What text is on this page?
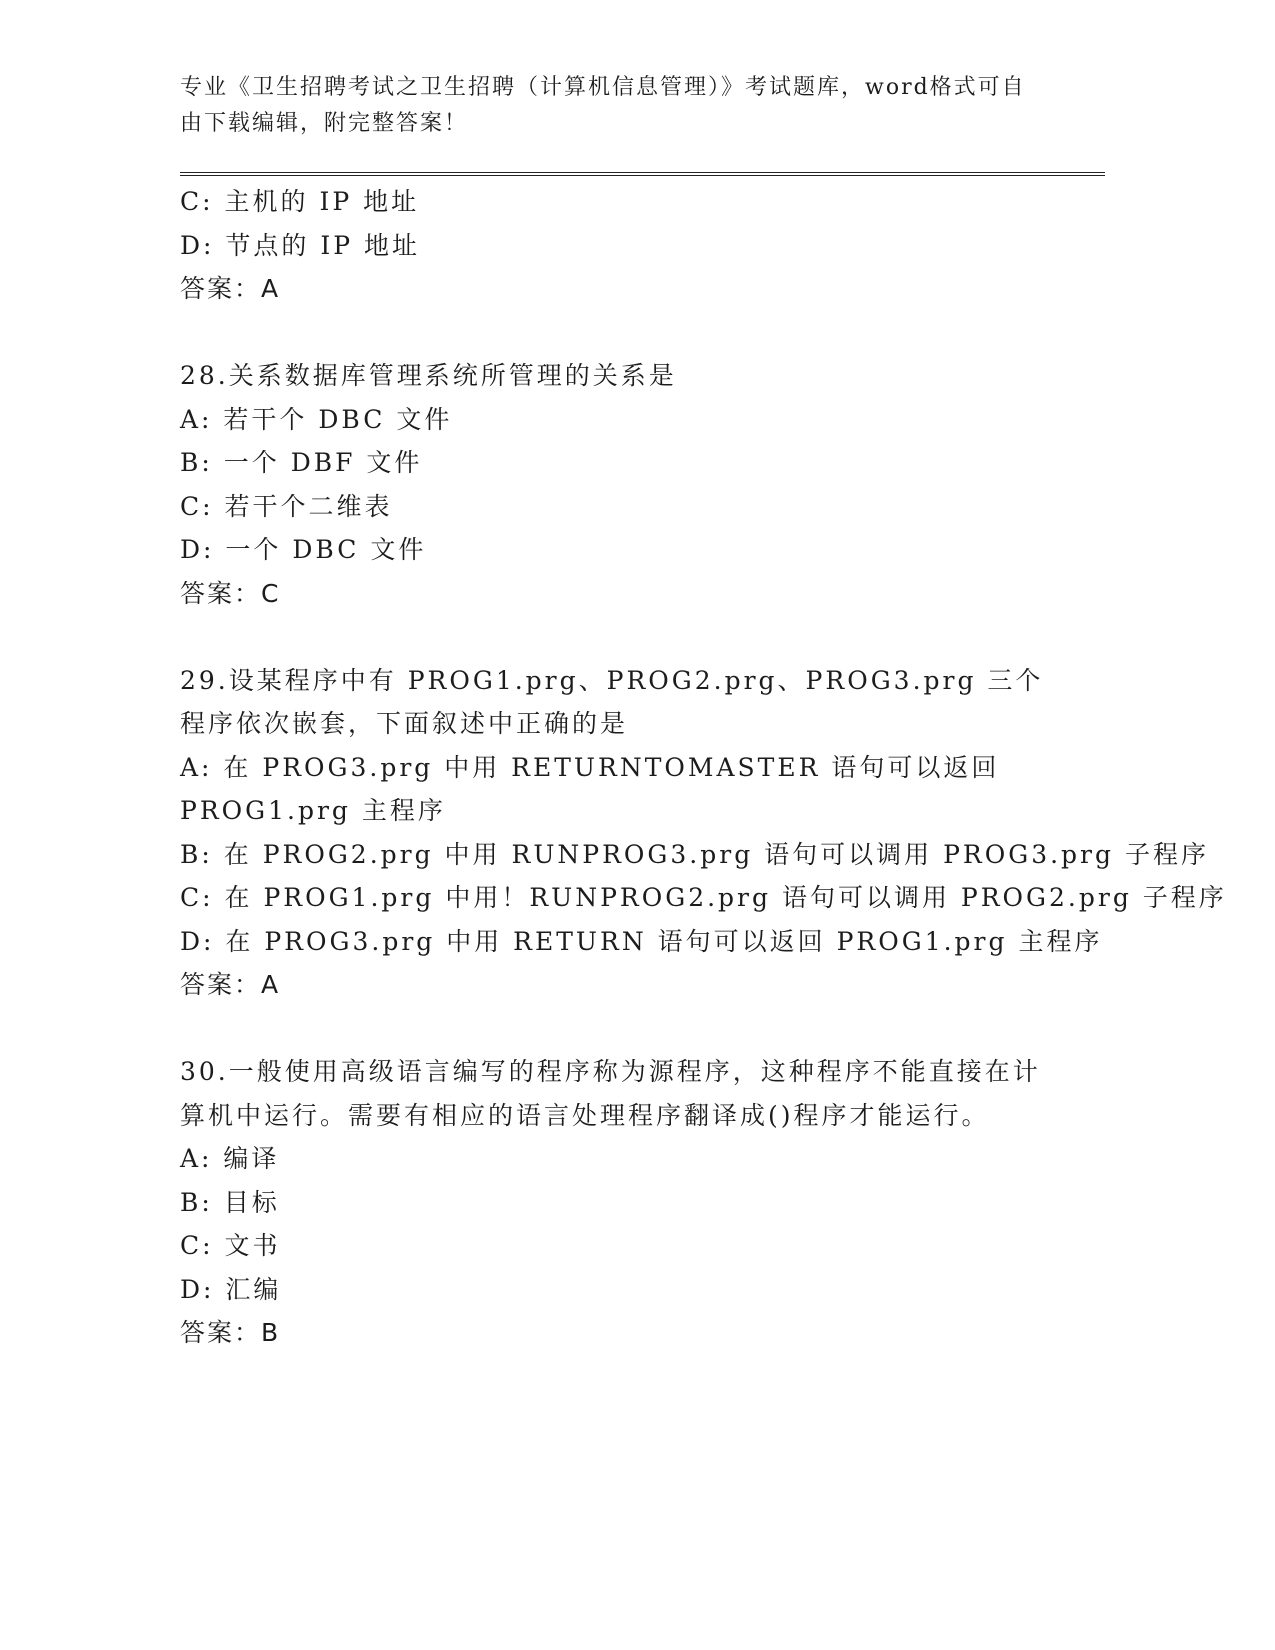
专业《卫生招聘考试之卫生招聘（计算机信息管理）》考试题库，word格式可自由下载编辑，附完整答案！
C: 主机的 IP 地址
D: 节点的 IP 地址
答案：A
28.关系数据库管理系统所管理的关系是
A: 若干个 DBC 文件
B: 一个 DBF 文件
C: 若干个二维表
D: 一个 DBC 文件
答案：C
29.设某程序中有 PROG1.prg、PROG2.prg、PROG3.prg 三个程序依次嵌套，下面叙述中正确的是
A: 在 PROG3.prg 中用 RETURNTOMASTER 语句可以返回 PROG1.prg 主程序
B: 在 PROG2.prg 中用 RUNPROG3.prg 语句可以调用 PROG3.prg 子程序
C: 在 PROG1.prg 中用！RUNPROG2.prg 语句可以调用 PROG2.prg 子程序
D: 在 PROG3.prg 中用 RETURN 语句可以返回 PROG1.prg 主程序
答案：A
30.一般使用高级语言编写的程序称为源程序，这种程序不能直接在计算机中运行。需要有相应的语言处理程序翻译成()程序才能运行。
A: 编译
B: 目标
C: 文书
D: 汇编
答案：B
